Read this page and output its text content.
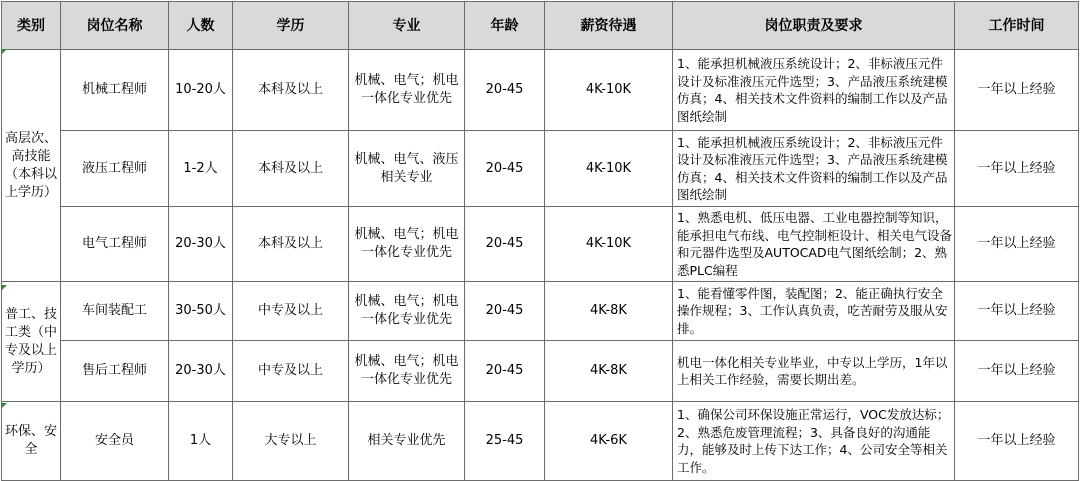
类别	岗位名称	人数	学历	专业	年龄	薪资待遇	岗位职责及要求	工作时间
高层次、高技能（本科以上学历）	机械工程师	10-20人	本科及以上	机械、电气；机电一体化专业优先	20-45	4K-10K	1、能承担机械液压系统设计；2、非标液压元件设计及标准液压元件选型；3、产品液压系统建模仿真；4、相关技术文件资料的编制工作以及产品图纸绘制	一年以上经验
	液压工程师	1-2人	本科及以上	机械、电气、液压相关专业	20-45	4K-10K	1、能承担机械液压系统设计；2、非标液压元件设计及标准液压元件选型；3、产品液压系统建模仿真；4、相关技术文件资料的编制工作以及产品图纸绘制	一年以上经验
	电气工程师	20-30人	本科及以上	机械、电气；机电一体化专业优先	20-45	4K-10K	1、熟悉电机、低压电器、工业电器控制等知识，能承担电气布线、电气控制柜设计、相关电气设备和元器件选型及AUTOCAD电气图纸绘制；2、熟悉PLC编程	一年以上经验
普工、技工类（中专及以上学历）	车间装配工	30-50人	中专及以上	机械、电气；机电一体化专业优先	20-45	4K-8K	1、能看懂零件图，装配图；2、能正确执行安全操作规程；3、工作认真负责，吃苦耐劳及服从安排。	一年以上经验
	售后工程师	20-30人	中专及以上	机械、电气；机电一体化专业优先	20-45	4K-8K	机电一体化相关专业毕业，中专以上学历，1年以上相关工作经验，需要长期出差。	一年以上经验
环保、安全	安全员	1人	大专以上	相关专业优先	25-45	4K-6K	1、确保公司环保设施正常运行，VOC发放达标；2、熟悉危废管理流程；3、具备良好的沟通能力，能够及时上传下达工作；4、公司安全等相关工作。	一年以上经验
